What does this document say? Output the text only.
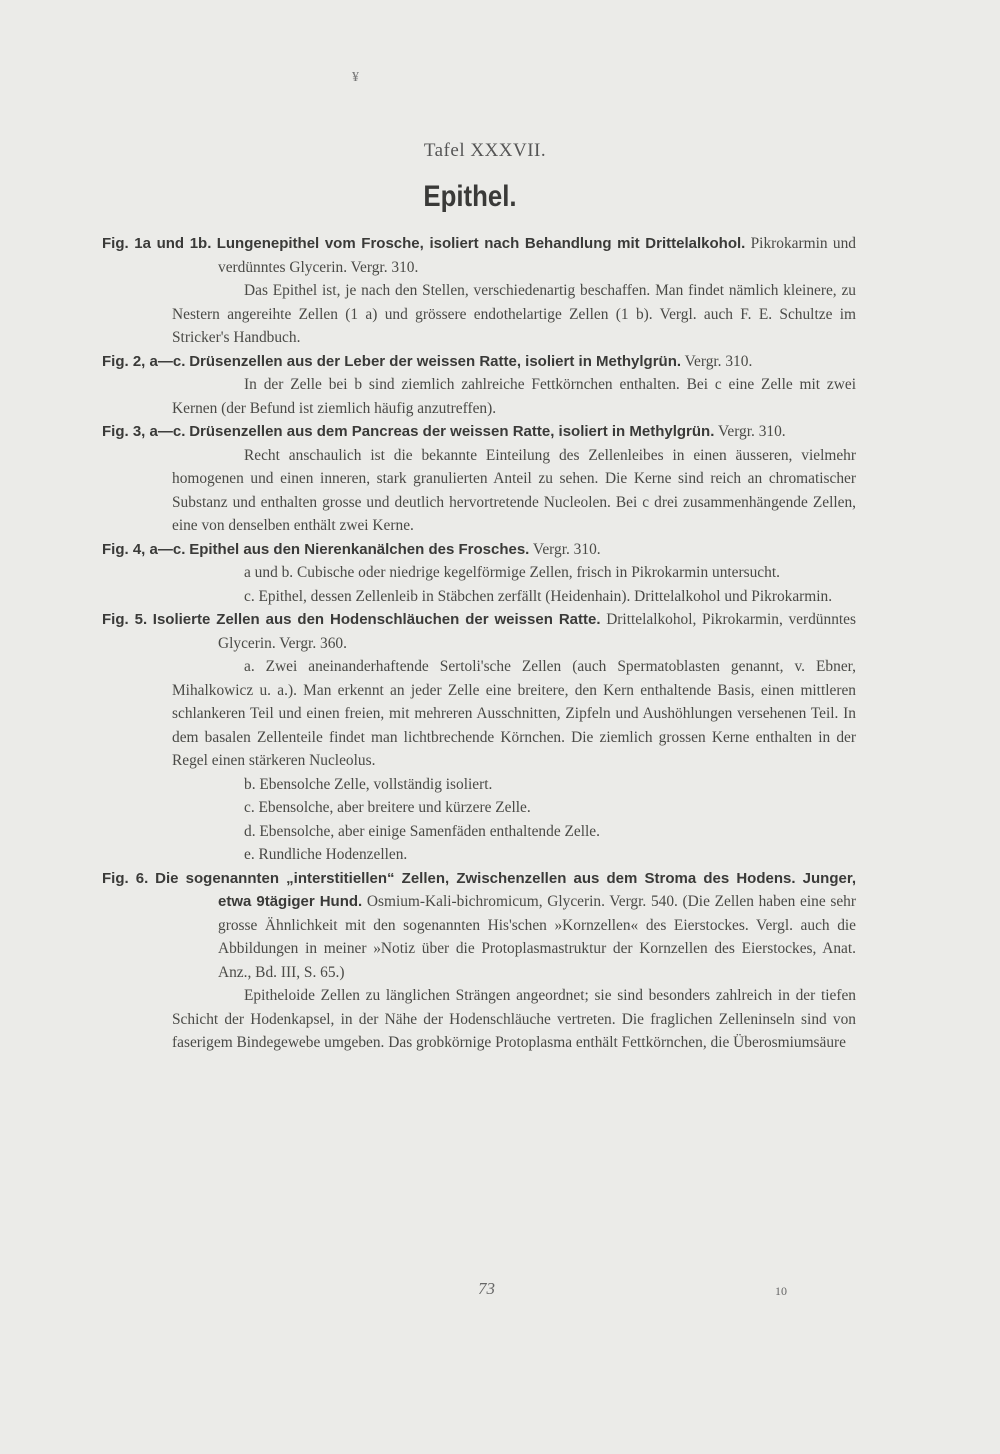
¥
Tafel XXXVII.
Epithel.
Fig. 1a und 1b. Lungenepithel vom Frosche, isoliert nach Behandlung mit Drittelalkohol. Pikrokarmin und verdünntes Glycerin. Vergr. 310.

Das Epithel ist, je nach den Stellen, verschiedenartig beschaffen. Man findet nämlich kleinere, zu Nestern angereihte Zellen (1 a) und grössere endothelartige Zellen (1 b). Vergl. auch F. E. Schultze im Stricker's Handbuch.

Fig. 2, a—c. Drüsenzellen aus der Leber der weissen Ratte, isoliert in Methylgrün. Vergr. 310.

In der Zelle bei b sind ziemlich zahlreiche Fettkörnchen enthalten. Bei c eine Zelle mit zwei Kernen (der Befund ist ziemlich häufig anzutreffen).

Fig. 3, a—c. Drüsenzellen aus dem Pancreas der weissen Ratte, isoliert in Methylgrün. Vergr. 310.

Recht anschaulich ist die bekannte Einteilung des Zellenleibes in einen äusseren, vielmehr homogenen und einen inneren, stark granulierten Anteil zu sehen. Die Kerne sind reich an chromatischer Substanz und enthalten grosse und deutlich hervortretende Nucleolen. Bei c drei zusammenhängende Zellen, eine von denselben enthält zwei Kerne.

Fig. 4, a—c. Epithel aus den Nierenkanälchen des Frosches. Vergr. 310.

a und b. Cubische oder niedrige kegelförmige Zellen, frisch in Pikrokarmin untersucht.

c. Epithel, dessen Zellenleib in Stäbchen zerfällt (Heidenhain). Drittelalkohol und Pikrokarmin.

Fig. 5. Isolierte Zellen aus den Hodenschläuchen der weissen Ratte. Drittelalkohol, Pikrokarmin, verdünntes Glycerin. Vergr. 360.

a. Zwei aneinanderhaftende Sertoli'sche Zellen (auch Spermatoblasten genannt, v. Ebner, Mihalkowicz u. a.). Man erkennt an jeder Zelle eine breitere, den Kern enthaltende Basis, einen mittleren schlankeren Teil und einen freien, mit mehreren Ausschnitten, Zipfeln und Aushöhlungen versehenen Teil. In dem basalen Zellenteile findet man lichtbrechende Körnchen. Die ziemlich grossen Kerne enthalten in der Regel einen stärkeren Nucleolus.

b. Ebensolche Zelle, vollständig isoliert.

c. Ebensolche, aber breitere und kürzere Zelle.

d. Ebensolche, aber einige Samenfäden enthaltende Zelle.

e. Rundliche Hodenzellen.

Fig. 6. Die sogenannten „interstitiellen“ Zellen, Zwischenzellen aus dem Stroma des Hodens. Junger, etwa 9tägiger Hund. Osmium-Kali-bichromicum, Glycerin. Vergr. 540. (Die Zellen haben eine sehr grosse Ähnlichkeit mit den sogenannten His'schen »Kornzellen« des Eierstockes. Vergl. auch die Abbildungen in meiner »Notiz über die Protoplasmastruktur der Kornzellen des Eierstockes, Anat. Anz., Bd. III, S. 65.)

Epitheloide Zellen zu länglichen Strängen angeordnet; sie sind besonders zahlreich in der tiefen Schicht der Hodenkapsel, in der Nähe der Hodenschläuche vertreten. Die fraglichen Zelleninseln sind von faserigem Bindegewebe umgeben. Das grobkörnige Protoplasma enthält Fettkörnchen, die Überosmiumsäure

73	10
